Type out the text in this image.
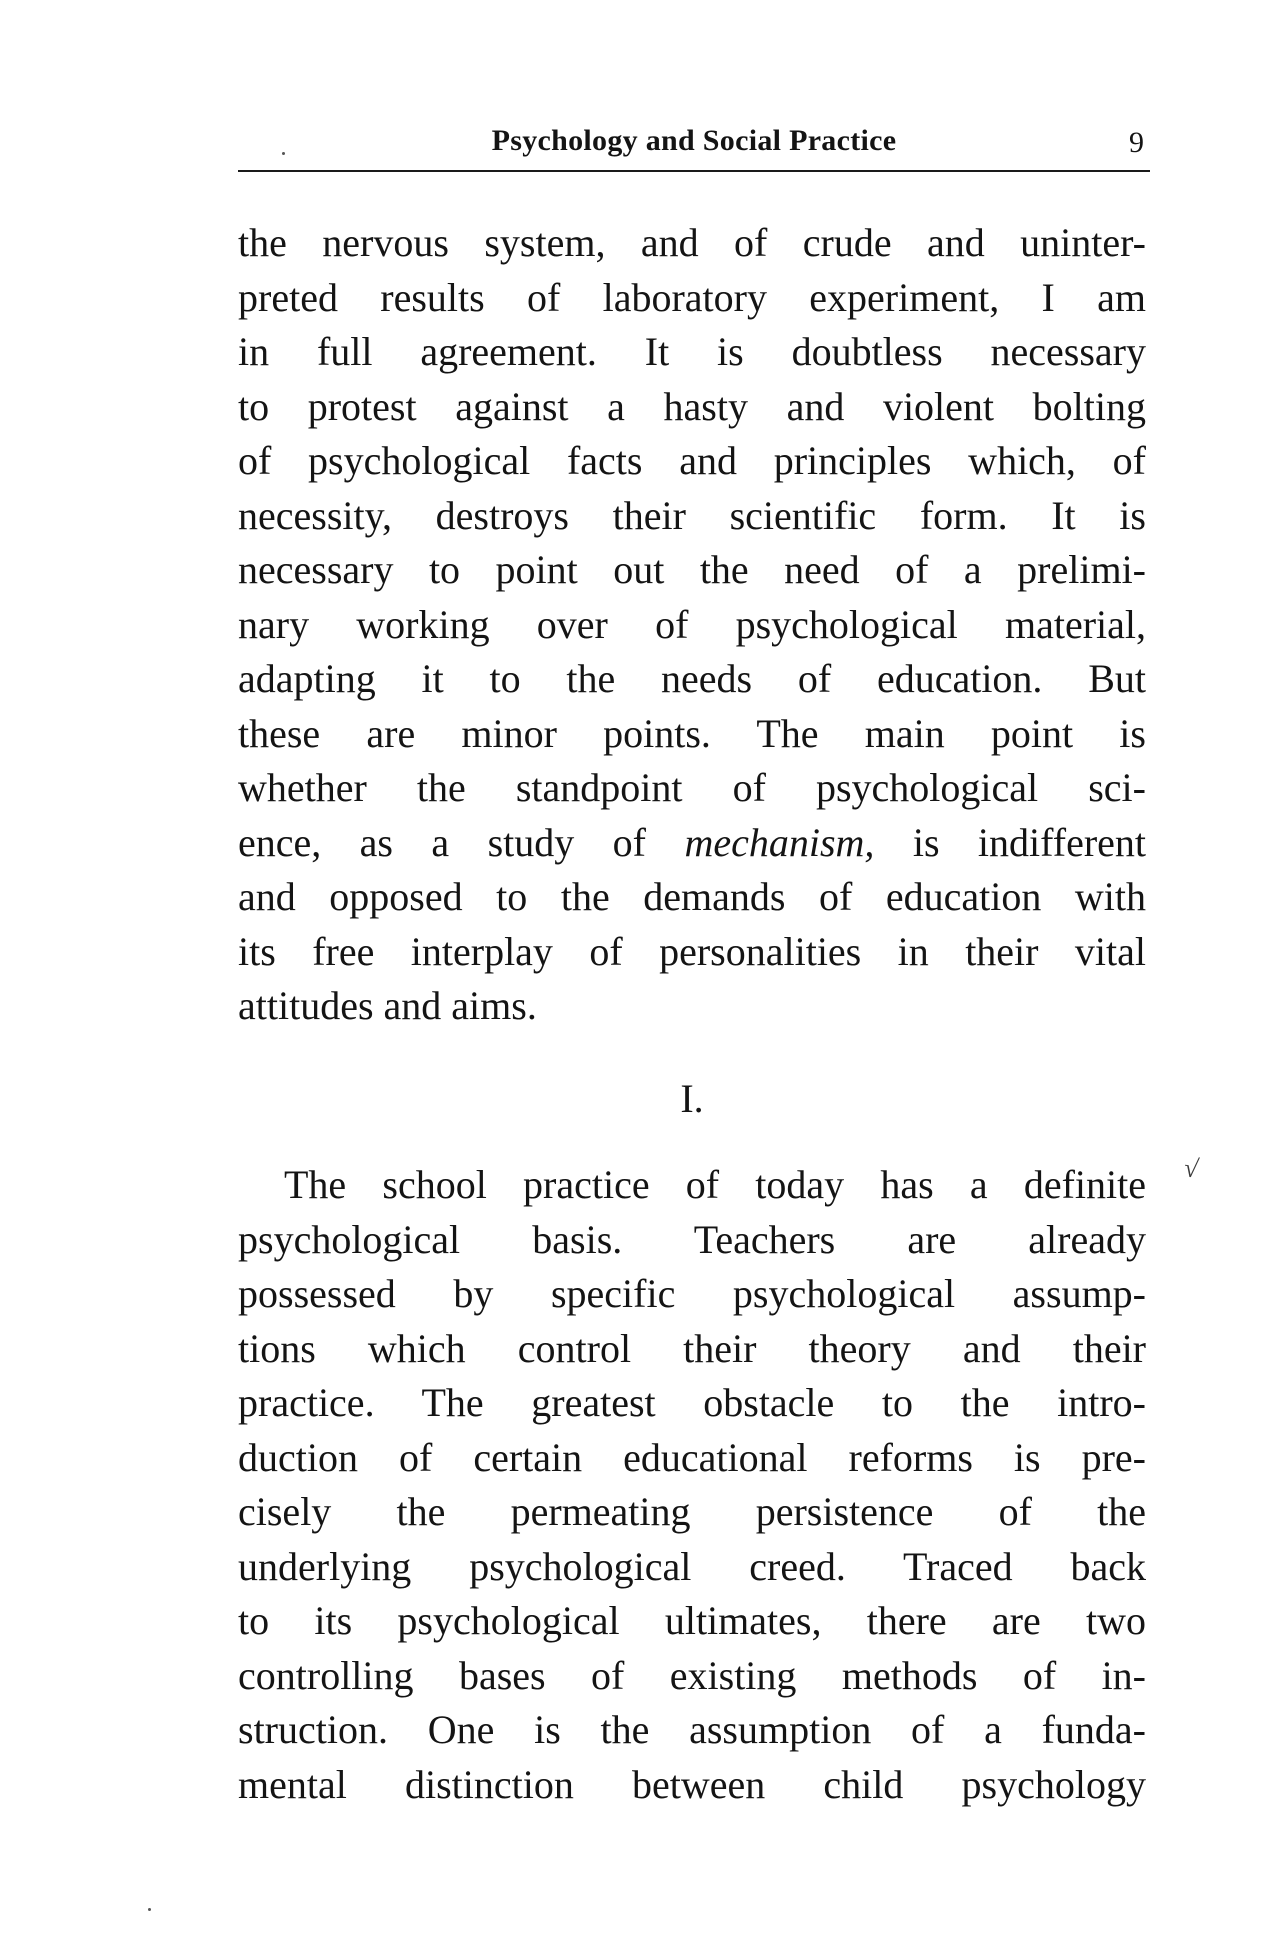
Psychology and Social Practice	9
the nervous system, and of crude and uninter-
preted results of laboratory experiment, I am
in full agreement. It is doubtless necessary
to protest against a hasty and violent bolting
of psychological facts and principles which, of
necessity, destroys their scientific form. It is
necessary to point out the need of a prelimi-
nary working over of psychological material,
adapting it to the needs of education. But
these are minor points. The main point is
whether the standpoint of psychological sci-
ence, as a study of mechanism, is indifferent
and opposed to the demands of education with
its free interplay of personalities in their vital
attitudes and aims.
I.
The school practice of today has a definite
psychological basis. Teachers are already
possessed by specific psychological assump-
tions which control their theory and their
practice. The greatest obstacle to the intro-
duction of certain educational reforms is pre-
cisely the permeating persistence of the
underlying psychological creed. Traced back
to its psychological ultimates, there are two
controlling bases of existing methods of in-
struction. One is the assumption of a funda-
mental distinction between child psychology
√
